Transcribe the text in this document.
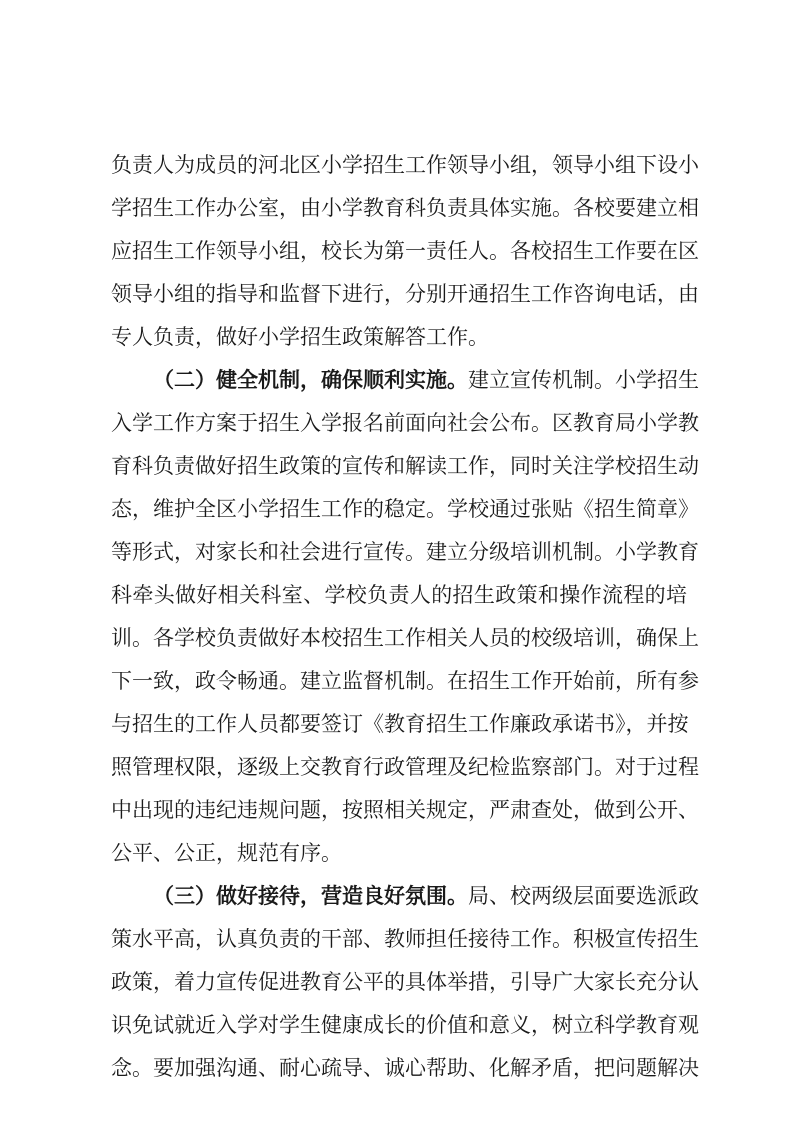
负责人为成员的河北区小学招生工作领导小组，领导小组下设小
学招生工作办公室，由小学教育科负责具体实施。各校要建立相
应招生工作领导小组，校长为第一责任人。各校招生工作要在区
领导小组的指导和监督下进行，分别开通招生工作咨询电话，由
专人负责，做好小学招生政策解答工作。
（二）健全机制，确保顺利实施。建立宣传机制。小学招生
入学工作方案于招生入学报名前面向社会公布。区教育局小学教
育科负责做好招生政策的宣传和解读工作，同时关注学校招生动
态，维护全区小学招生工作的稳定。学校通过张贴《招生简章》
等形式，对家长和社会进行宣传。建立分级培训机制。小学教育
科牵头做好相关科室、学校负责人的招生政策和操作流程的培
训。各学校负责做好本校招生工作相关人员的校级培训，确保上
下一致，政令畅通。建立监督机制。在招生工作开始前，所有参
与招生的工作人员都要签订《教育招生工作廉政承诺书》，并按
照管理权限，逐级上交教育行政管理及纪检监察部门。对于过程
中出现的违纪违规问题，按照相关规定，严肃查处，做到公开、
公平、公正，规范有序。
（三）做好接待，营造良好氛围。局、校两级层面要选派政
策水平高，认真负责的干部、教师担任接待工作。积极宣传招生
政策，着力宣传促进教育公平的具体举措，引导广大家长充分认
识免试就近入学对学生健康成长的价值和意义，树立科学教育观
念。要加强沟通、耐心疏导、诚心帮助、化解矛盾，把问题解决
